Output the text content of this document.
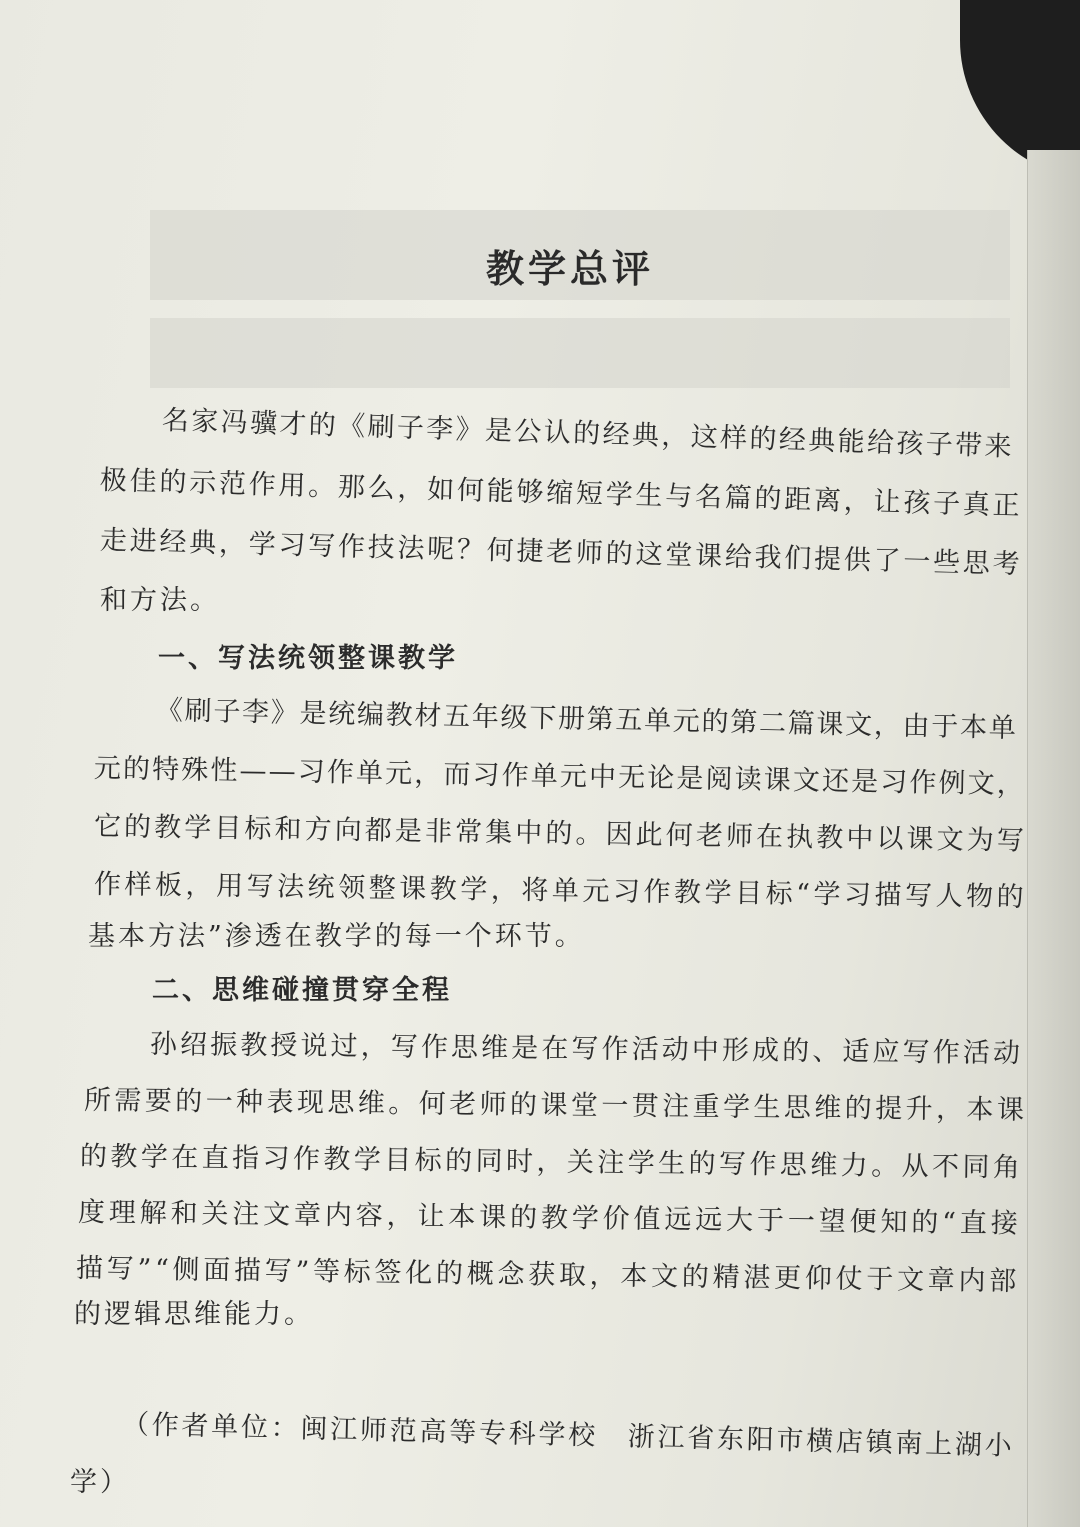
教学总评
名家冯骥才的《刷子李》是公认的经典，这样的经典能给孩子带来
极佳的示范作用。那么，如何能够缩短学生与名篇的距离，让孩子真正
走进经典，学习写作技法呢？何捷老师的这堂课给我们提供了一些思考
和方法。
一、写法统领整课教学
《刷子李》是统编教材五年级下册第五单元的第二篇课文，由于本单
元的特殊性——习作单元，而习作单元中无论是阅读课文还是习作例文，
它的教学目标和方向都是非常集中的。因此何老师在执教中以课文为写
作样板，用写法统领整课教学，将单元习作教学目标“学习描写人物的
基本方法”渗透在教学的每一个环节。
二、思维碰撞贯穿全程
孙绍振教授说过，写作思维是在写作活动中形成的、适应写作活动
所需要的一种表现思维。何老师的课堂一贯注重学生思维的提升，本课
的教学在直指习作教学目标的同时，关注学生的写作思维力。从不同角
度理解和关注文章内容，让本课的教学价值远远大于一望便知的“直接
描写”“侧面描写”等标签化的概念获取，本文的精湛更仰仗于文章内部
的逻辑思维能力。
（作者单位：闽江师范高等专科学校　浙江省东阳市横店镇南上湖小
学）
